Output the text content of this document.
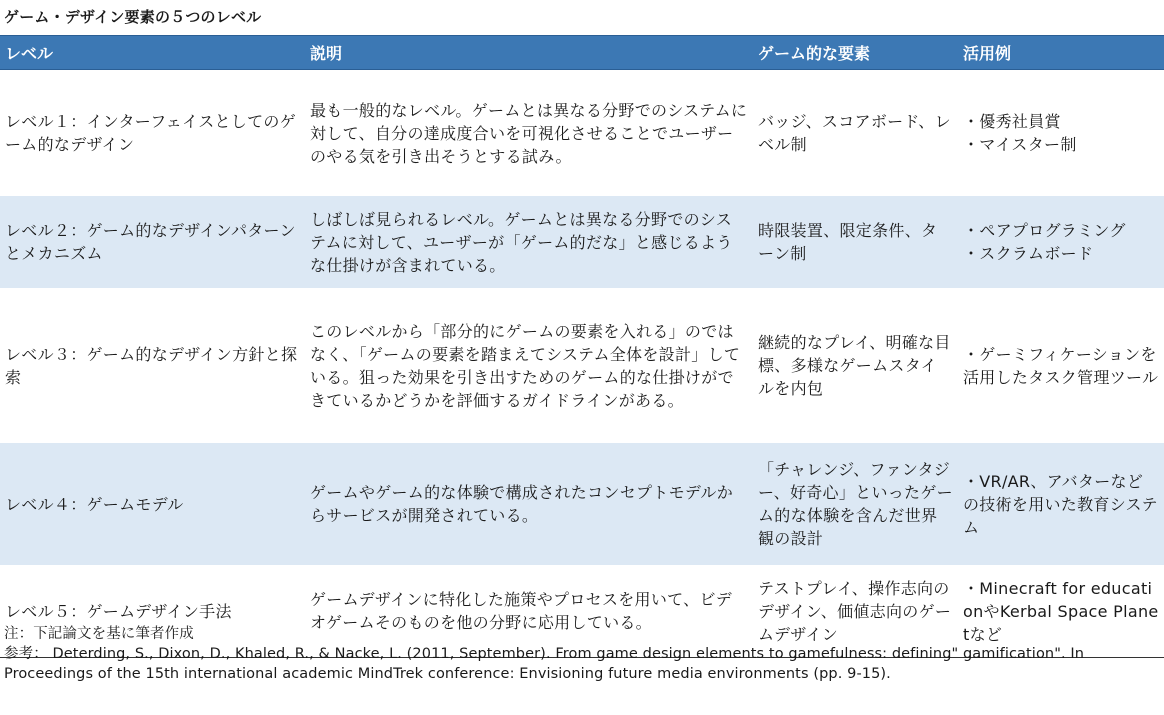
ゲーム・デザイン要素の５つのレベル
レベル	説明	ゲーム的な要素	活用例

レベル１：インターフェイスとしてのゲーム的なデザイン	最も一般的なレベル。ゲームとは異なる分野でのシステムに対して、自分の達成度合いを可視化させることでユーザーのやる気を引き出そうとする試み。	バッジ、スコアボード、レベル制	・優秀社員賞
・マイスター制

レベル２：ゲーム的なデザインパターンとメカニズム	しばしば見られるレベル。ゲームとは異なる分野でのシステムに対して、ユーザーが「ゲーム的だな」と感じるような仕掛けが含まれている。	時限装置、限定条件、ターン制	・ペアプログラミング
・スクラムボード

レベル３：ゲーム的なデザイン方針と探索	このレベルから「部分的にゲームの要素を入れる」のではなく、「ゲームの要素を踏まえてシステム全体を設計」している。狙った効果を引き出すためのゲーム的な仕掛けができているかどうかを評価するガイドラインがある。	継続的なプレイ、明確な目標、多様なゲームスタイルを内包	・ゲーミフィケーションを活用したタスク管理ツール

レベル４：ゲームモデル	ゲームやゲーム的な体験で構成されたコンセプトモデルからサービスが開発されている。	「チャレンジ、ファンタジー、好奇心」といったゲーム的な体験を含んだ世界観の設計	・VR/AR、アバターなどの技術を用いた教育システム

レベル５：ゲームデザイン手法	ゲームデザインに特化した施策やプロセスを用いて、ビデオゲームそのものを他の分野に応用している。	テストプレイ、操作志向のデザイン、価値志向のゲームデザイン	・Minecraft for educationやKerbal Space Planetなど
注：下記論文を基に筆者作成
参考： Deterding, S., Dixon, D., Khaled, R., & Nacke, L. (2011, September). From game design elements to gamefulness: defining" gamification". In Proceedings of the 15th international academic MindTrek conference: Envisioning future media environments (pp. 9-15).
